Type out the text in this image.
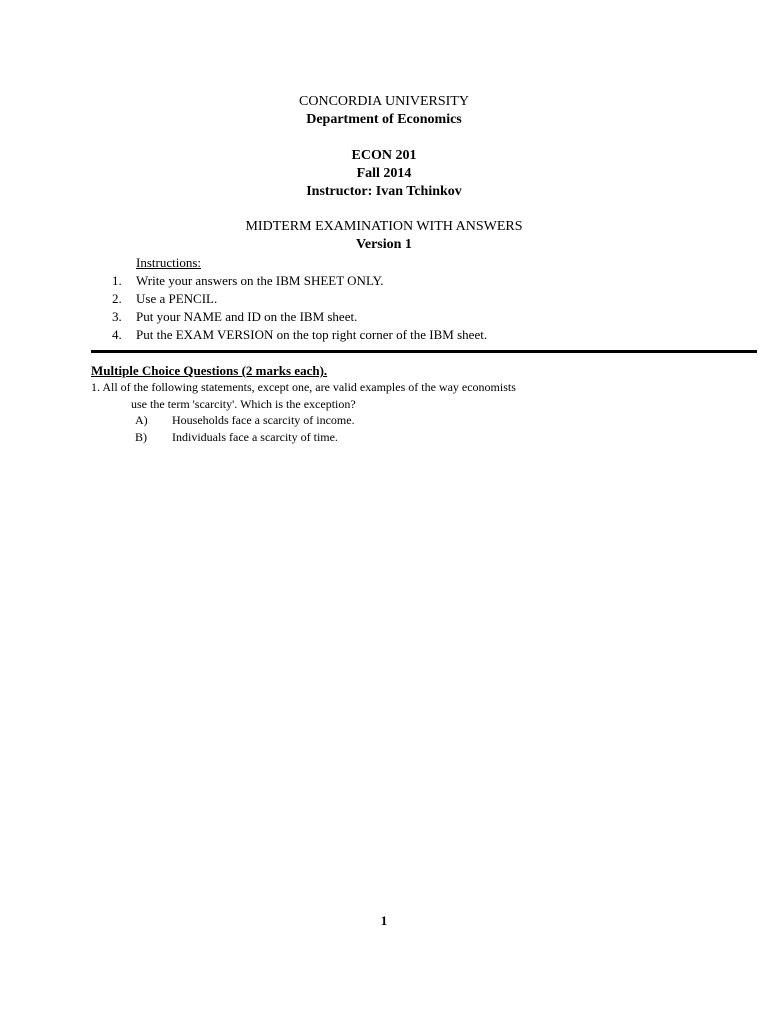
CONCORDIA UNIVERSITY
Department of Economics
ECON 201
Fall 2014
Instructor: Ivan Tchinkov
MIDTERM EXAMINATION WITH ANSWERS
Version 1
Instructions:
1.	Write your answers on the IBM SHEET ONLY.
2.	Use a PENCIL.
3.	Put your NAME and ID on the IBM sheet.
4.	Put the EXAM VERSION on the top right corner of the IBM sheet.
Multiple Choice Questions (2 marks each).
1. All of the following statements, except one, are valid examples of the way economists
use the term 'scarcity'. Which is the exception?
A)	Households face a scarcity of income.
B)	Individuals face a scarcity of time.
1
